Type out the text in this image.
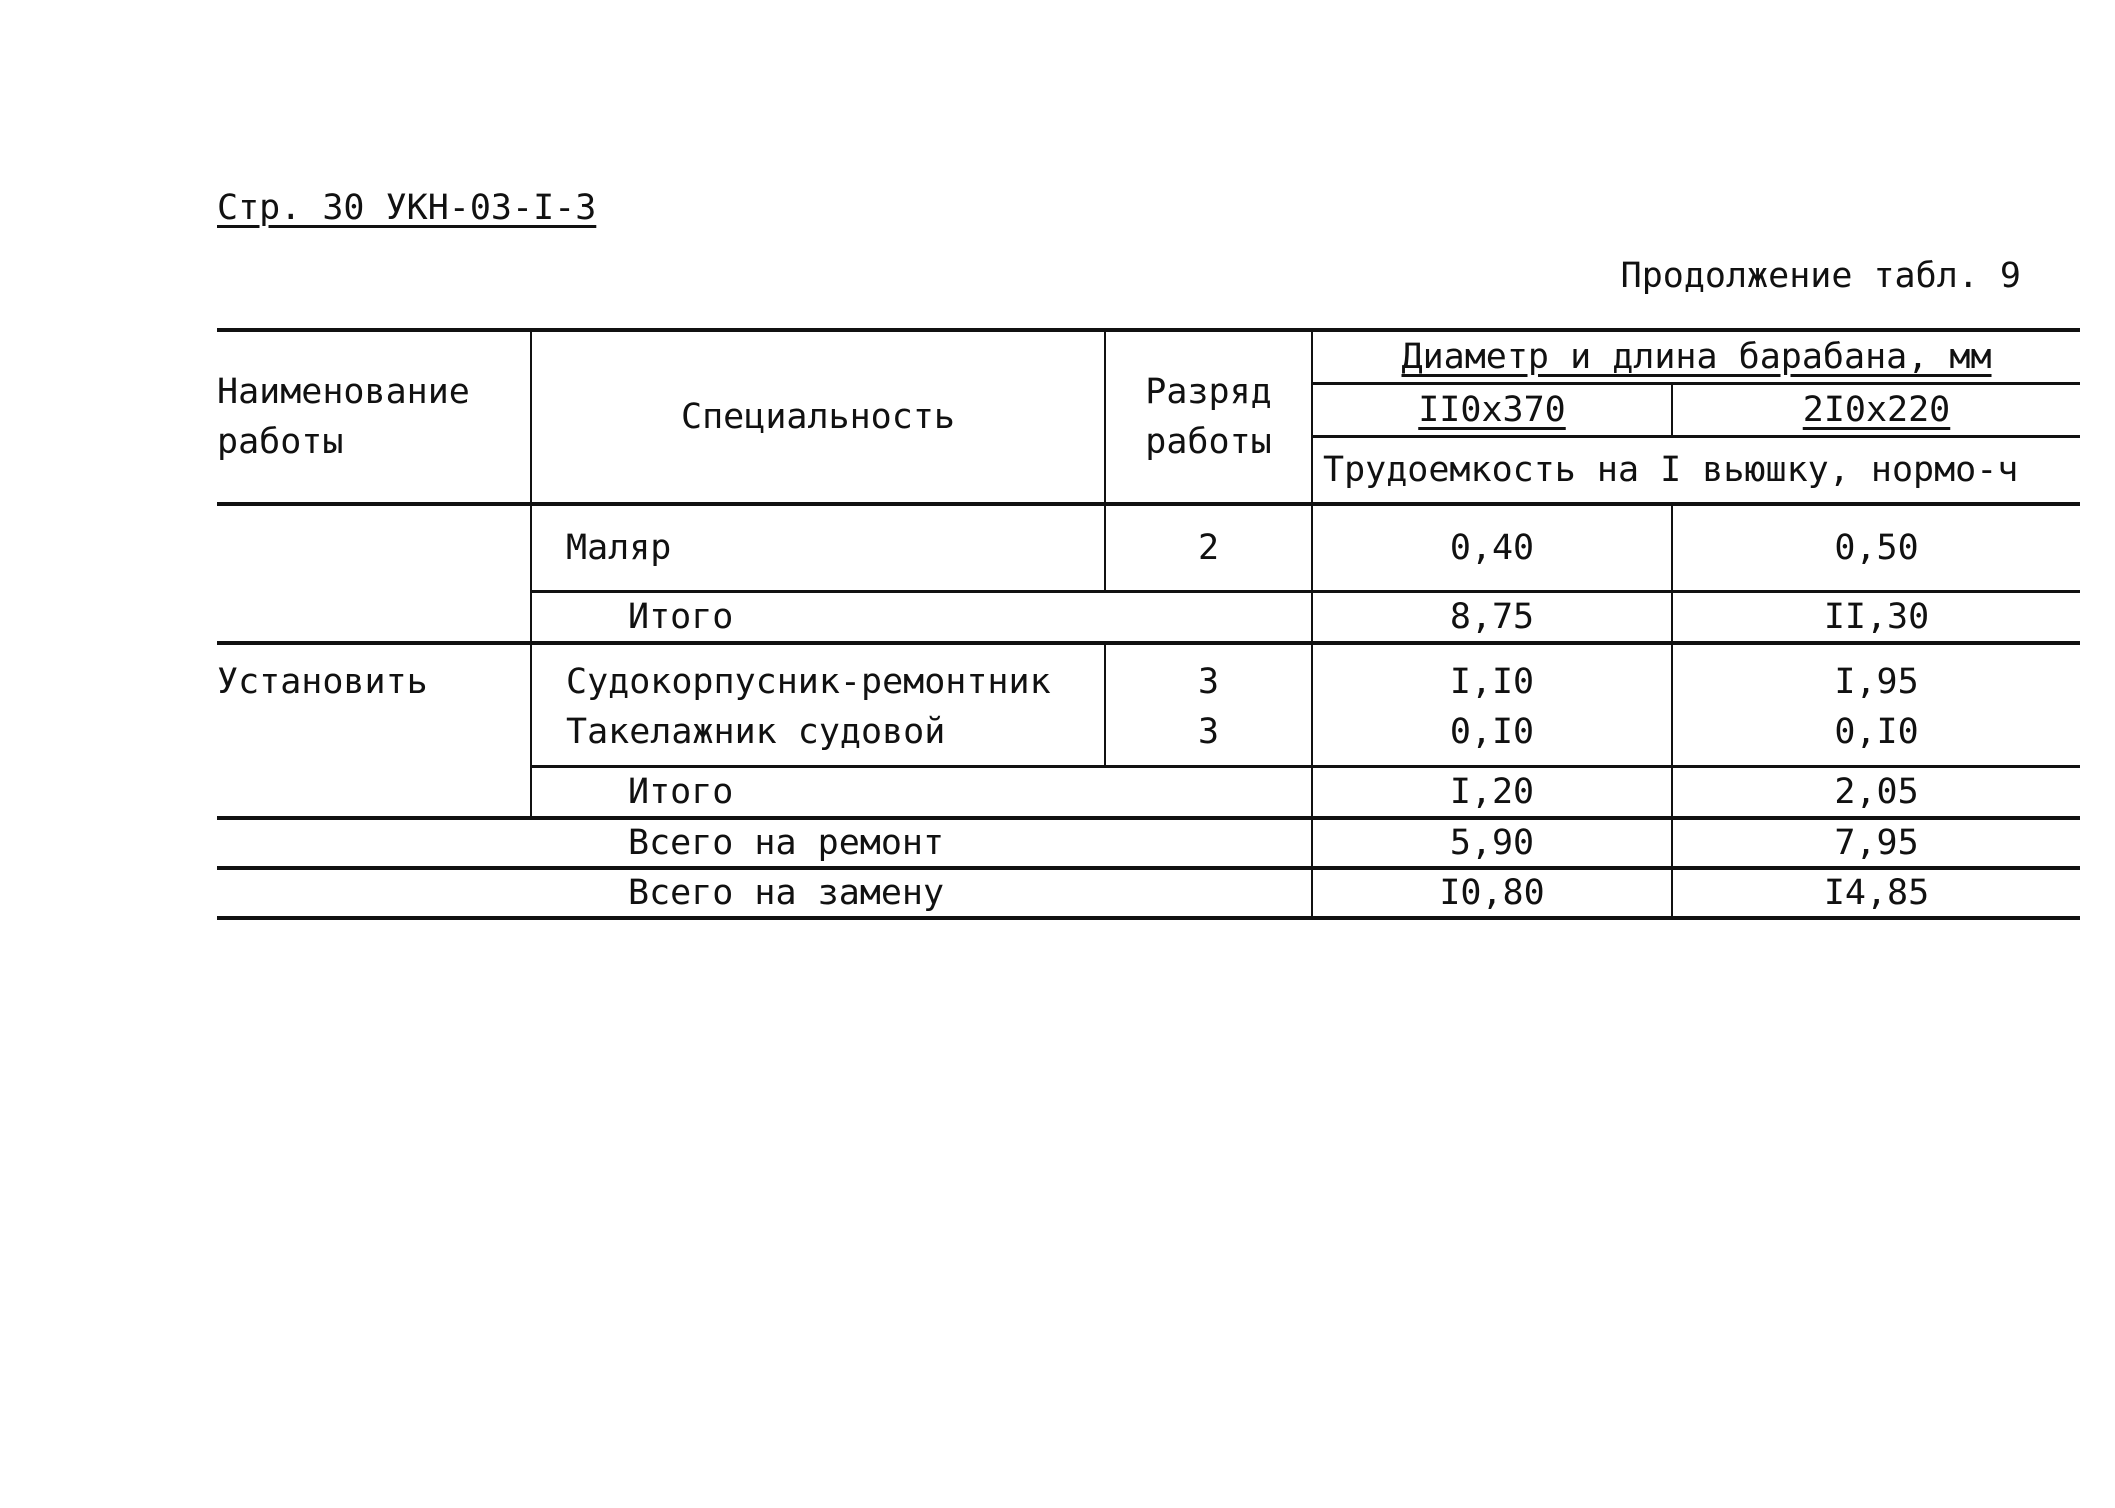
Стр. 30 УКН-03-I-3
Продолжение табл. 9
Наименование работы	Специальность	Разряд работы	Диаметр и длина барабана, мм	
			II0x370	2I0x220
			Трудоемкость на I вьюшку, нормо-ч	
	Маляр	2	0,40	0,50
	Итого		8,75	II,30
Установить	Судокорпусник-ремонтник	3	I,I0	I,95
	Такелажник судовой	3	0,I0	0,I0
	Итого		I,20	2,05
Всего на ремонт			5,90	7,95
Всего на замену			I0,80	I4,85
